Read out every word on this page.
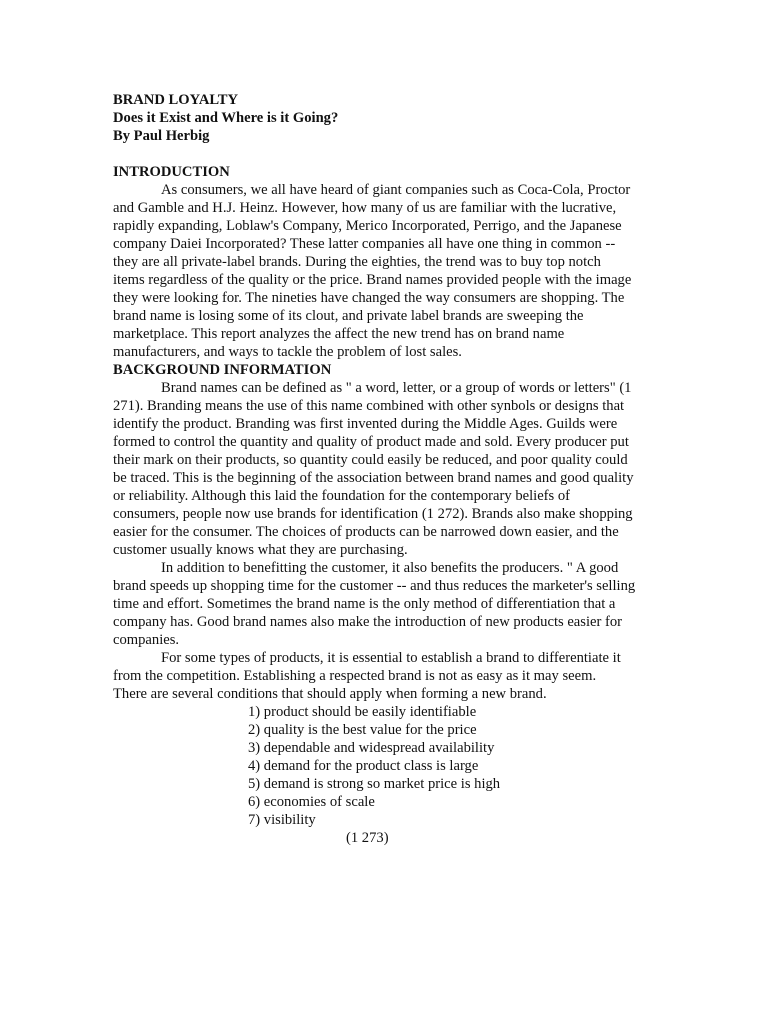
BRAND LOYALTY
Does it Exist and Where is it Going?
By Paul Herbig
INTRODUCTION

As consumers, we all have heard of giant companies such as Coca-Cola, Proctor
and Gamble and H.J. Heinz. However, how many of us are familiar with the lucrative,
rapidly expanding, Loblaw's Company, Merico Incorporated, Perrigo, and the Japanese
company Daiei Incorporated? These latter companies all have one thing in common --
they are all private-label brands. During the eighties, the trend was to buy top notch
items regardless of the quality or the price. Brand names provided people with the image
they were looking for. The nineties have changed the way consumers are shopping. The
brand name is losing some of its clout, and private label brands are sweeping the
marketplace. This report analyzes the affect the new trend has on brand name
manufacturers, and ways to tackle the problem of lost sales.

BACKGROUND INFORMATION

Brand names can be defined as " a word, letter, or a group of words or letters" (1
271). Branding means the use of this name combined with other synbols or designs that
identify the product. Branding was first invented during the Middle Ages. Guilds were
formed to control the quantity and quality of product made and sold. Every producer put
their mark on their products, so quantity could easily be reduced, and poor quality could
be traced. This is the beginning of the association between brand names and good quality
or reliability. Although this laid the foundation for the contemporary beliefs of
consumers, people now use brands for identification (1 272). Brands also make shopping
easier for the consumer. The choices of products can be narrowed down easier, and the
customer usually knows what they are purchasing.

In addition to benefitting the customer, it also benefits the producers. " A good
brand speeds up shopping time for the customer -- and thus reduces the marketer's selling
time and effort. Sometimes the brand name is the only method of differentiation that a
company has. Good brand names also make the introduction of new products easier for
companies.

For some types of products, it is essential to establish a brand to differentiate it
from the competition. Establishing a respected brand is not as easy as it may seem.
There are several conditions that should apply when forming a new brand.

1) product should be easily identifiable
2) quality is the best value for the price
3) dependable and widespread availability
4) demand for the product class is large
5) demand is strong so market price is high
6) economies of scale
7) visibility
(1 273)
